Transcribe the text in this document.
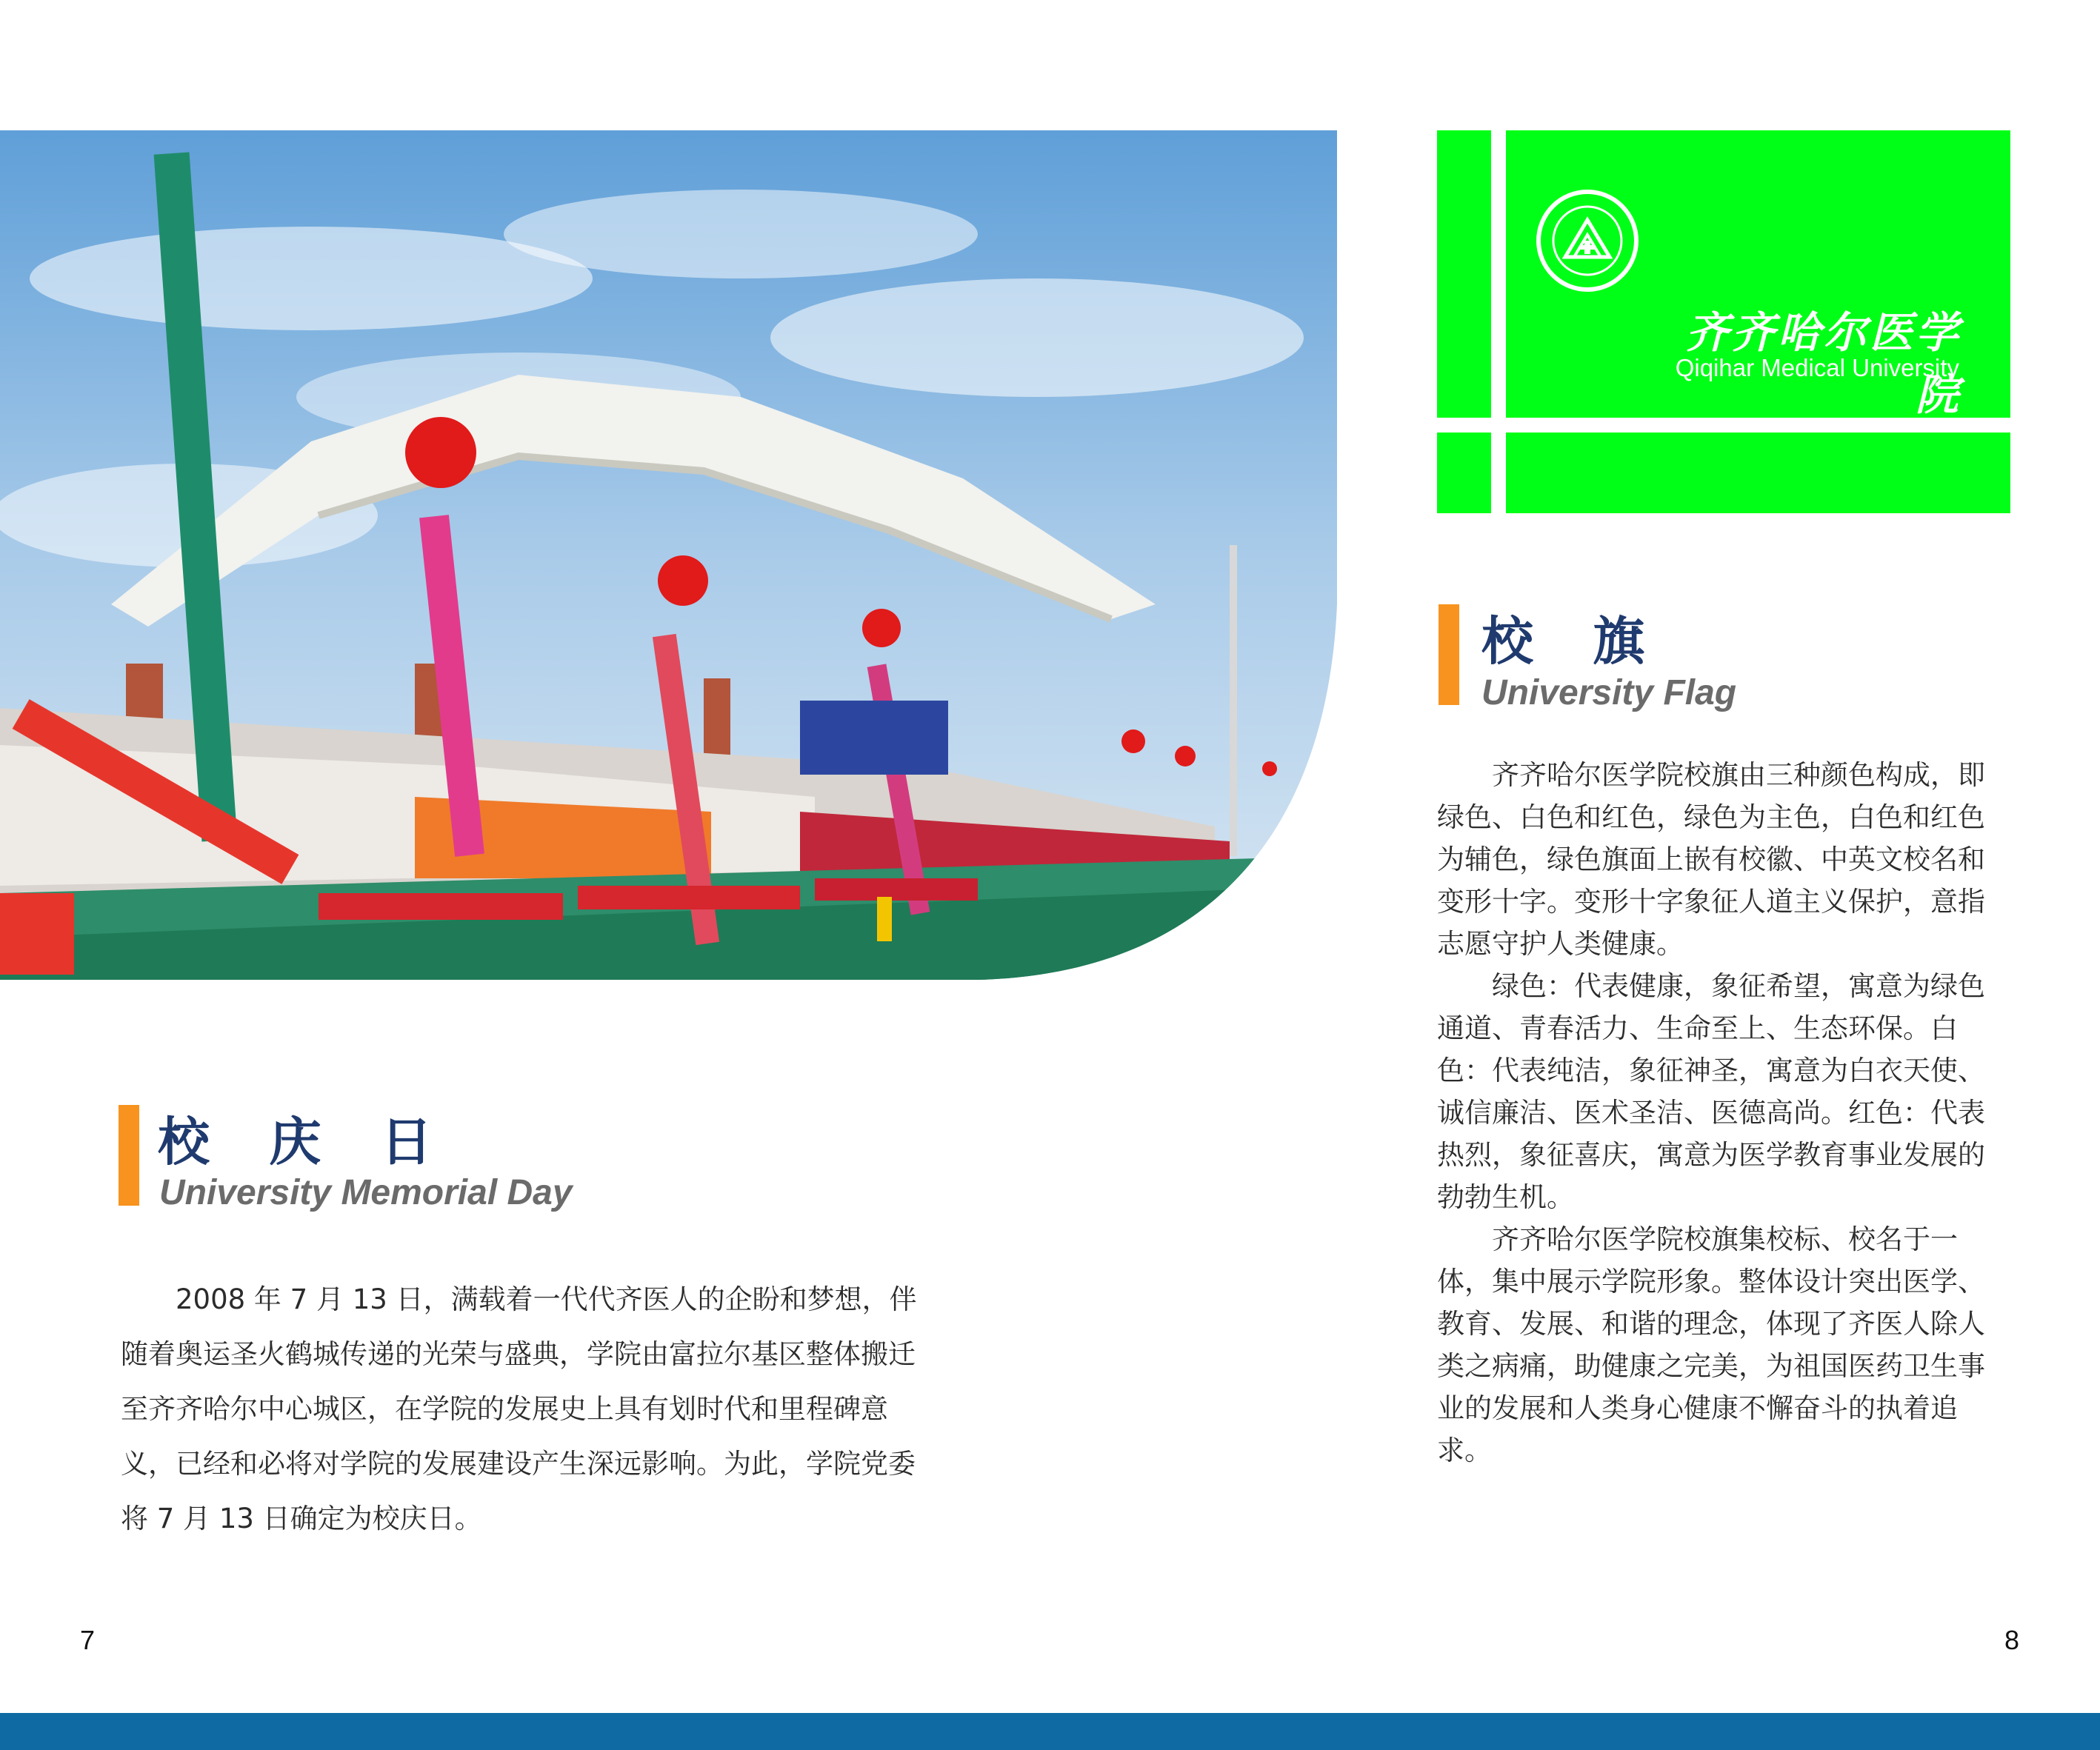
齐齐哈尔医学院
Qiqihar Medical University
校 旗
University Flag

齐齐哈尔医学院校旗由三种颜色构成，即绿色、白色和红色，绿色为主色，白色和红色为辅色，绿色旗面上嵌有校徽、中英文校名和变形十字。变形十字象征人道主义保护，意指志愿守护人类健康。

绿色：代表健康，象征希望，寓意为绿色通道、青春活力、生命至上、生态环保。白色：代表纯洁，象征神圣，寓意为白衣天使、诚信廉洁、医术圣洁、医德高尚。红色：代表热烈，象征喜庆，寓意为医学教育事业发展的勃勃生机。

齐齐哈尔医学院校旗集校标、校名于一体，集中展示学院形象。整体设计突出医学、教育、发展、和谐的理念，体现了齐医人除人类之病痛，助健康之完美，为祖国医药卫生事业的发展和人类身心健康不懈奋斗的执着追求。

校 庆 日
University Memorial Day

2008 年 7 月 13 日，满载着一代代齐医人的企盼和梦想，伴随着奥运圣火鹤城传递的光荣与盛典，学院由富拉尔基区整体搬迁至齐齐哈尔中心城区，在学院的发展史上具有划时代和里程碑意义，已经和必将对学院的发展建设产生深远影响。为此，学院党委将 7 月 13 日确定为校庆日。

7	8
